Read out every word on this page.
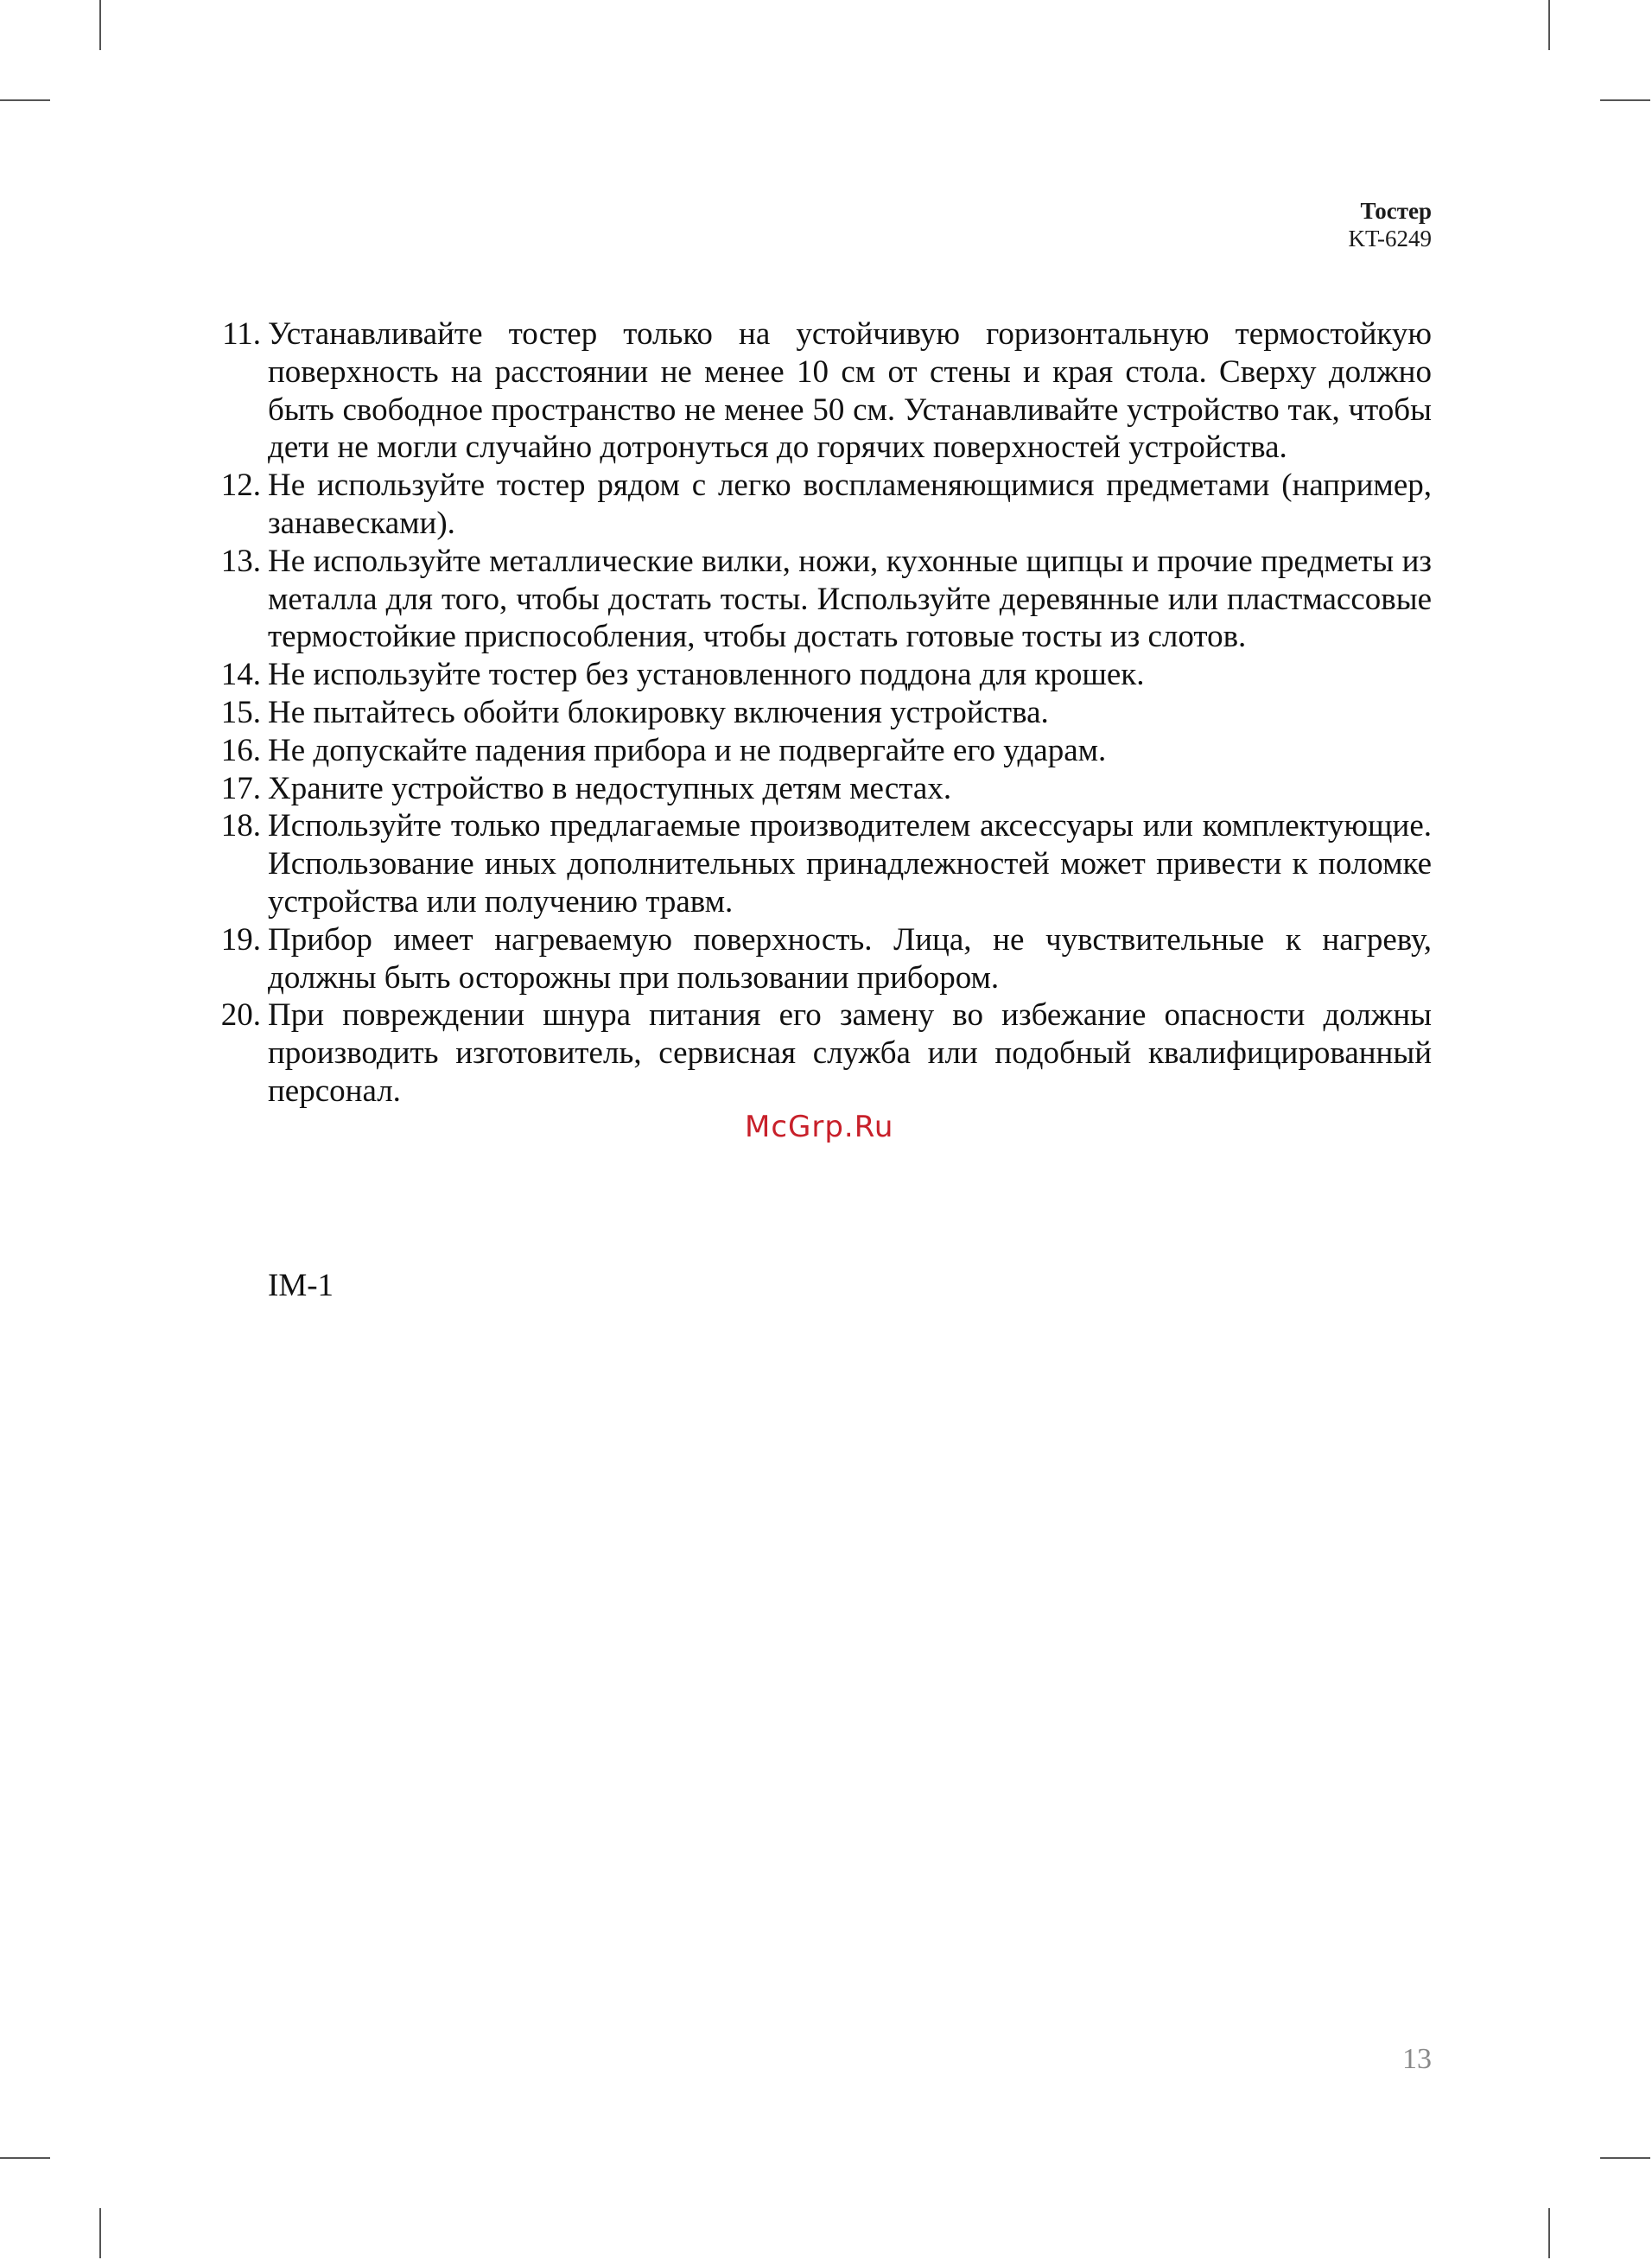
Тостер
KT-6249
11. Устанавливайте тостер только на устойчивую горизонтальную термостойкую поверхность на расстоянии не менее 10 см от стены и края стола. Сверху должно быть свободное пространство не менее 50 см. Устанавливайте устройство так, чтобы дети не могли случайно дотронуться до горячих поверхностей устройства.
12. Не используйте тостер рядом с легко воспламеняющимися предметами (например, занавесками).
13. Не используйте металлические вилки, ножи, кухонные щипцы и прочие предметы из металла для того, чтобы достать тосты. Используйте деревянные или пластмассовые термостойкие приспособления, чтобы достать готовые тосты из слотов.
14. Не используйте тостер без установленного поддона для крошек.
15. Не пытайтесь обойти блокировку включения устройства.
16. Не допускайте падения прибора и не подвергайте его ударам.
17. Храните устройство в недоступных детям местах.
18. Используйте только предлагаемые производителем аксессуары или комплектующие. Использование иных дополнительных принадлежностей может привести к поломке устройства или получению травм.
19. Прибор имеет нагреваемую поверхность. Лица, не чувствительные к нагреву, должны быть осторожны при пользовании прибором.
20. При повреждении шнура питания его замену во избежание опасности должны производить изготовитель, сервисная служба или подобный квалифицированный персонал.
McGrp.Ru
IM-1
13
